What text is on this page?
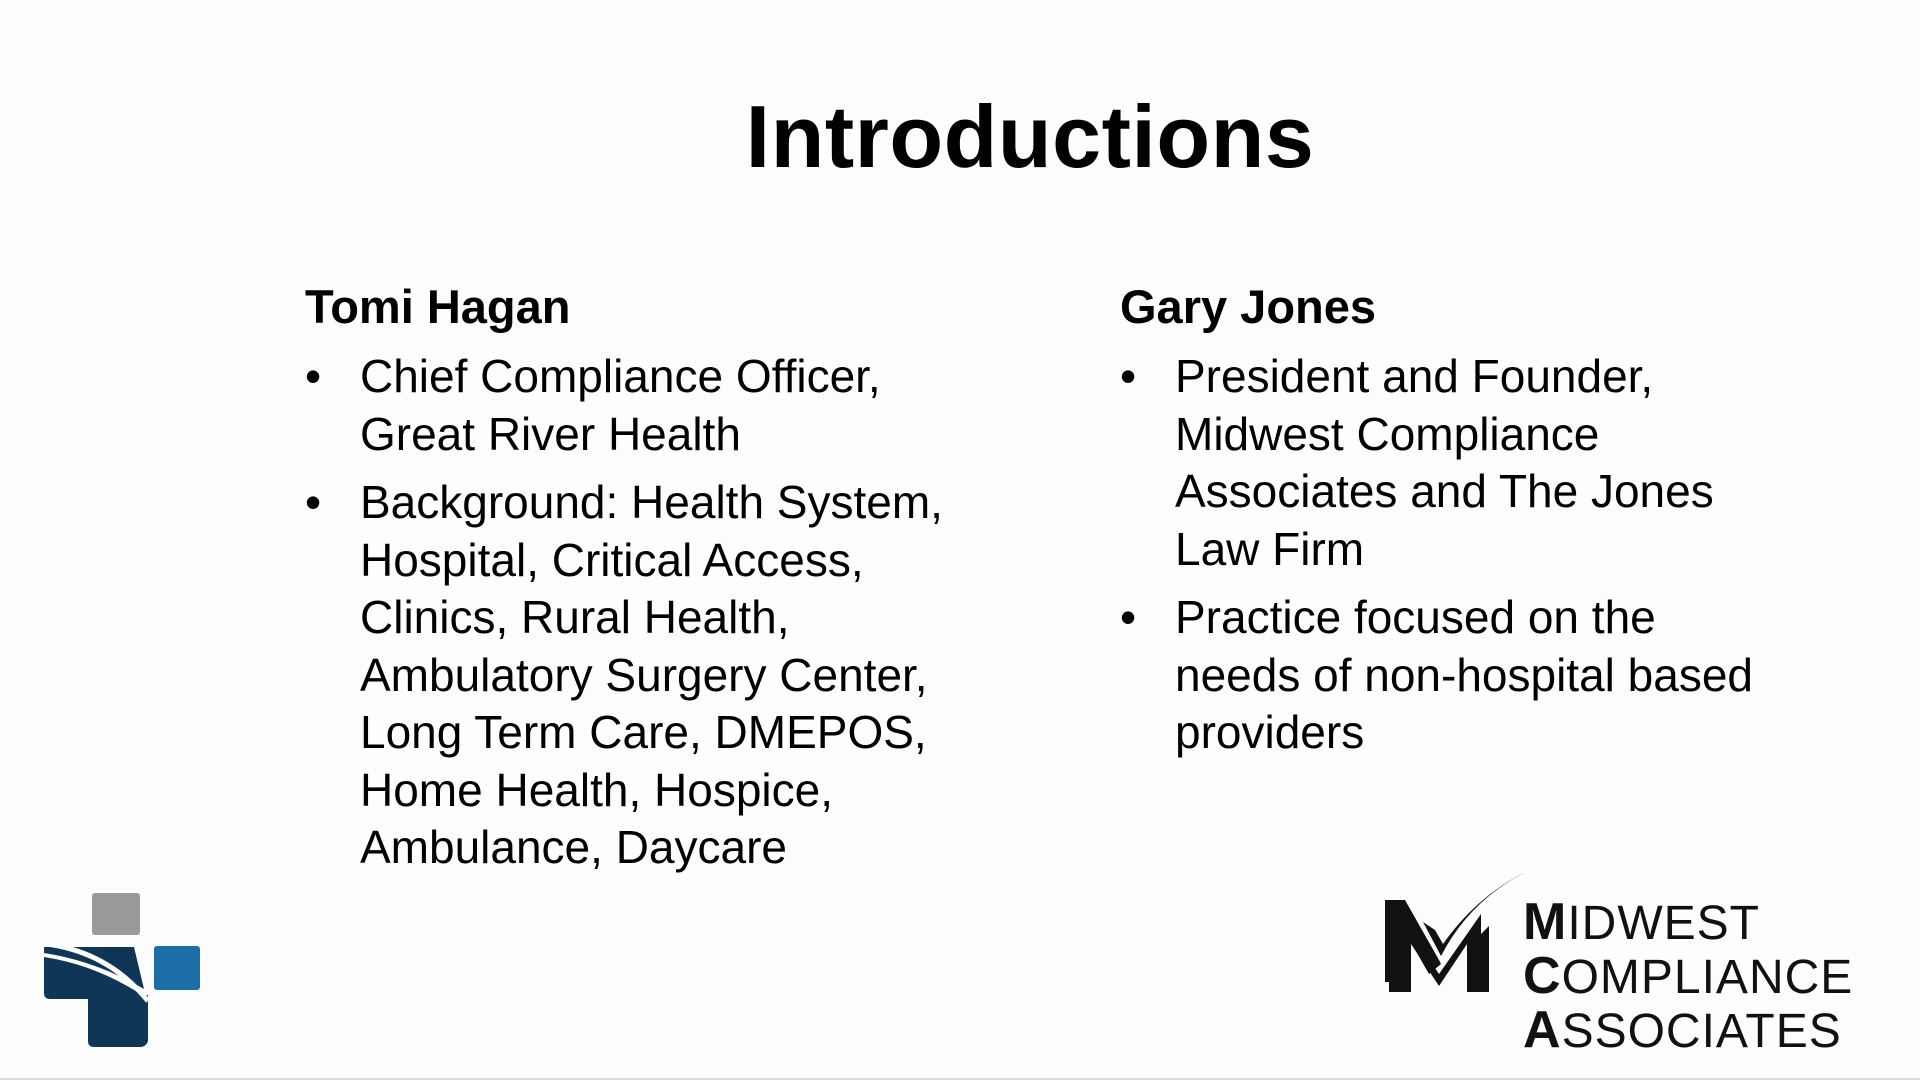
Introductions
Tomi Hagan
• Chief Compliance Officer,
Great River Health
• Background: Health System,
Hospital, Critical Access,
Clinics, Rural Health,
Ambulatory Surgery Center,
Long Term Care, DMEPOS,
Home Health, Hospice,
Ambulance, Daycare
Gary Jones
• President and Founder,
Midwest Compliance
Associates and The Jones
Law Firm
• Practice focused on the
needs of non-hospital based
providers
MIDWEST
COMPLIANCE
ASSOCIATES
